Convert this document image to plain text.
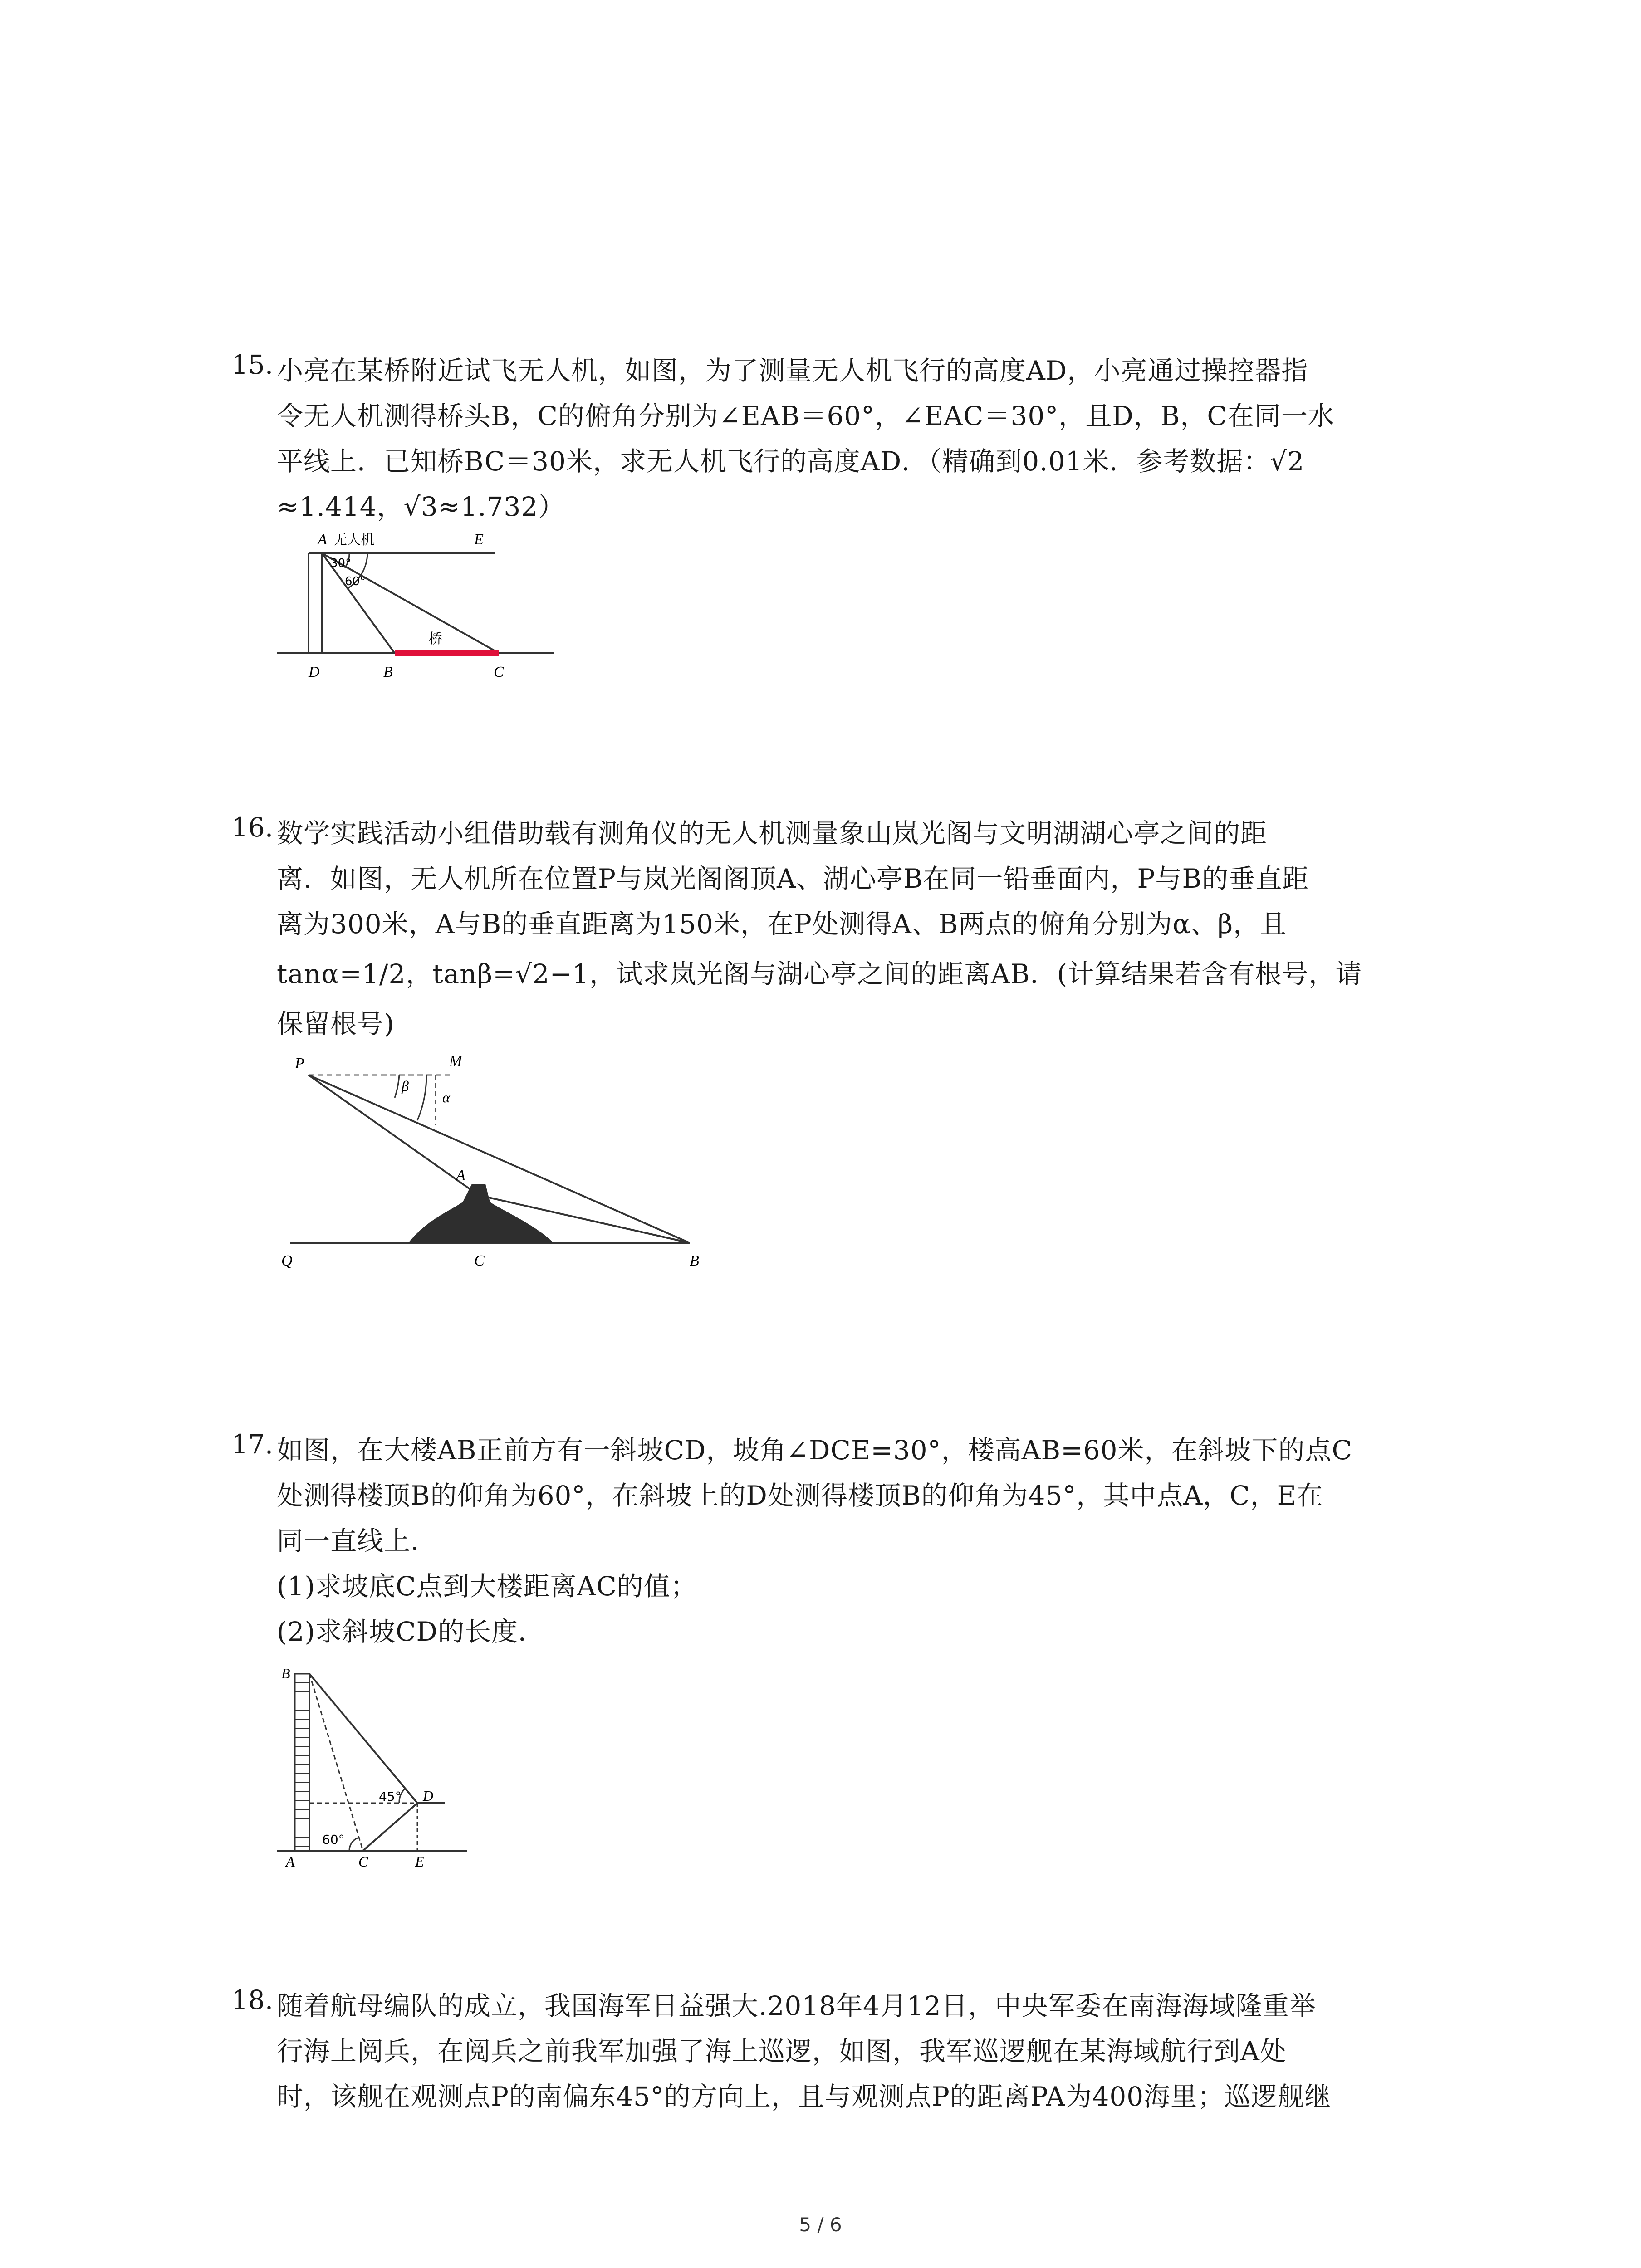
15. 小亮在某桥附近试飞无人机，如图，为了测量无人机飞行的高度AD，小亮通过操控器指
令无人机测得桥头B，C的俯角分别为∠EAB＝60°，∠EAC＝30°，且D，B，C在同一水
平线上．已知桥BC＝30米，求无人机飞行的高度AD．（精确到0.01米．参考数据：√2
≈1.414，√3≈1.732）
A 无人机	E
30°
60°
桥
D	B	C
16. 数学实践活动小组借助载有测角仪的无人机测量象山岚光阁与文明湖湖心亭之间的距
离．如图，无人机所在位置P与岚光阁阁顶A、湖心亭B在同一铅垂面内，P与B的垂直距
离为300米，A与B的垂直距离为150米，在P处测得A、B两点的俯角分别为α、β，且
tanα=1/2，tanβ=√2−1，试求岚光阁与湖心亭之间的距离AB．(计算结果若含有根号，请
保留根号)
P	M
β
α
A
Q	C	B
17. 如图，在大楼AB正前方有一斜坡CD，坡角∠DCE=30°，楼高AB=60米，在斜坡下的点C
处测得楼顶B的仰角为60°，在斜坡上的D处测得楼顶B的仰角为45°，其中点A，C，E在
同一直线上．
(1)求坡底C点到大楼距离AC的值；
(2)求斜坡CD的长度．
B
45° D
60°
A	C	E
18. 随着航母编队的成立，我国海军日益强大.2018年4月12日，中央军委在南海海域隆重举
行海上阅兵，在阅兵之前我军加强了海上巡逻，如图，我军巡逻舰在某海域航行到A处
时，该舰在观测点P的南偏东45°的方向上，且与观测点P的距离PA为400海里；巡逻舰继
5 / 6
